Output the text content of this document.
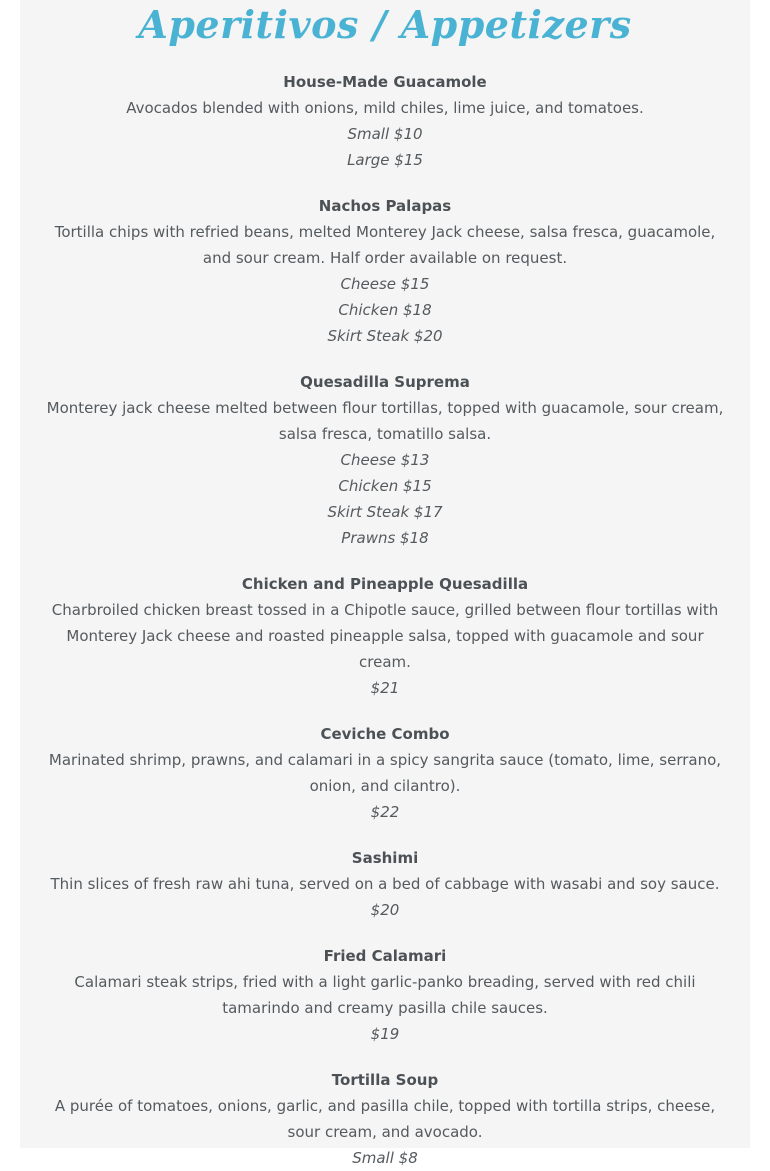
Aperitivos / Appetizers
House-Made Guacamole
Avocados blended with onions, mild chiles, lime juice, and tomatoes.
Small $10
Large $15
Nachos Palapas
Tortilla chips with refried beans, melted Monterey Jack cheese, salsa fresca, guacamole, and sour cream. Half order available on request.
Cheese $15
Chicken $18
Skirt Steak $20
Quesadilla Suprema
Monterey jack cheese melted between flour tortillas, topped with guacamole, sour cream, salsa fresca, tomatillo salsa.
Cheese $13
Chicken $15
Skirt Steak $17
Prawns $18
Chicken and Pineapple Quesadilla
Charbroiled chicken breast tossed in a Chipotle sauce, grilled between flour tortillas with Monterey Jack cheese and roasted pineapple salsa, topped with guacamole and sour cream.
$21
Ceviche Combo
Marinated shrimp, prawns, and calamari in a spicy sangrita sauce (tomato, lime, serrano, onion, and cilantro).
$22
Sashimi
Thin slices of fresh raw ahi tuna, served on a bed of cabbage with wasabi and soy sauce.
$20
Fried Calamari
Calamari steak strips, fried with a light garlic-panko breading, served with red chili tamarindo and creamy pasilla chile sauces.
$19
Tortilla Soup
A purée of tomatoes, onions, garlic, and pasilla chile, topped with tortilla strips, cheese, sour cream, and avocado.
Small $8
